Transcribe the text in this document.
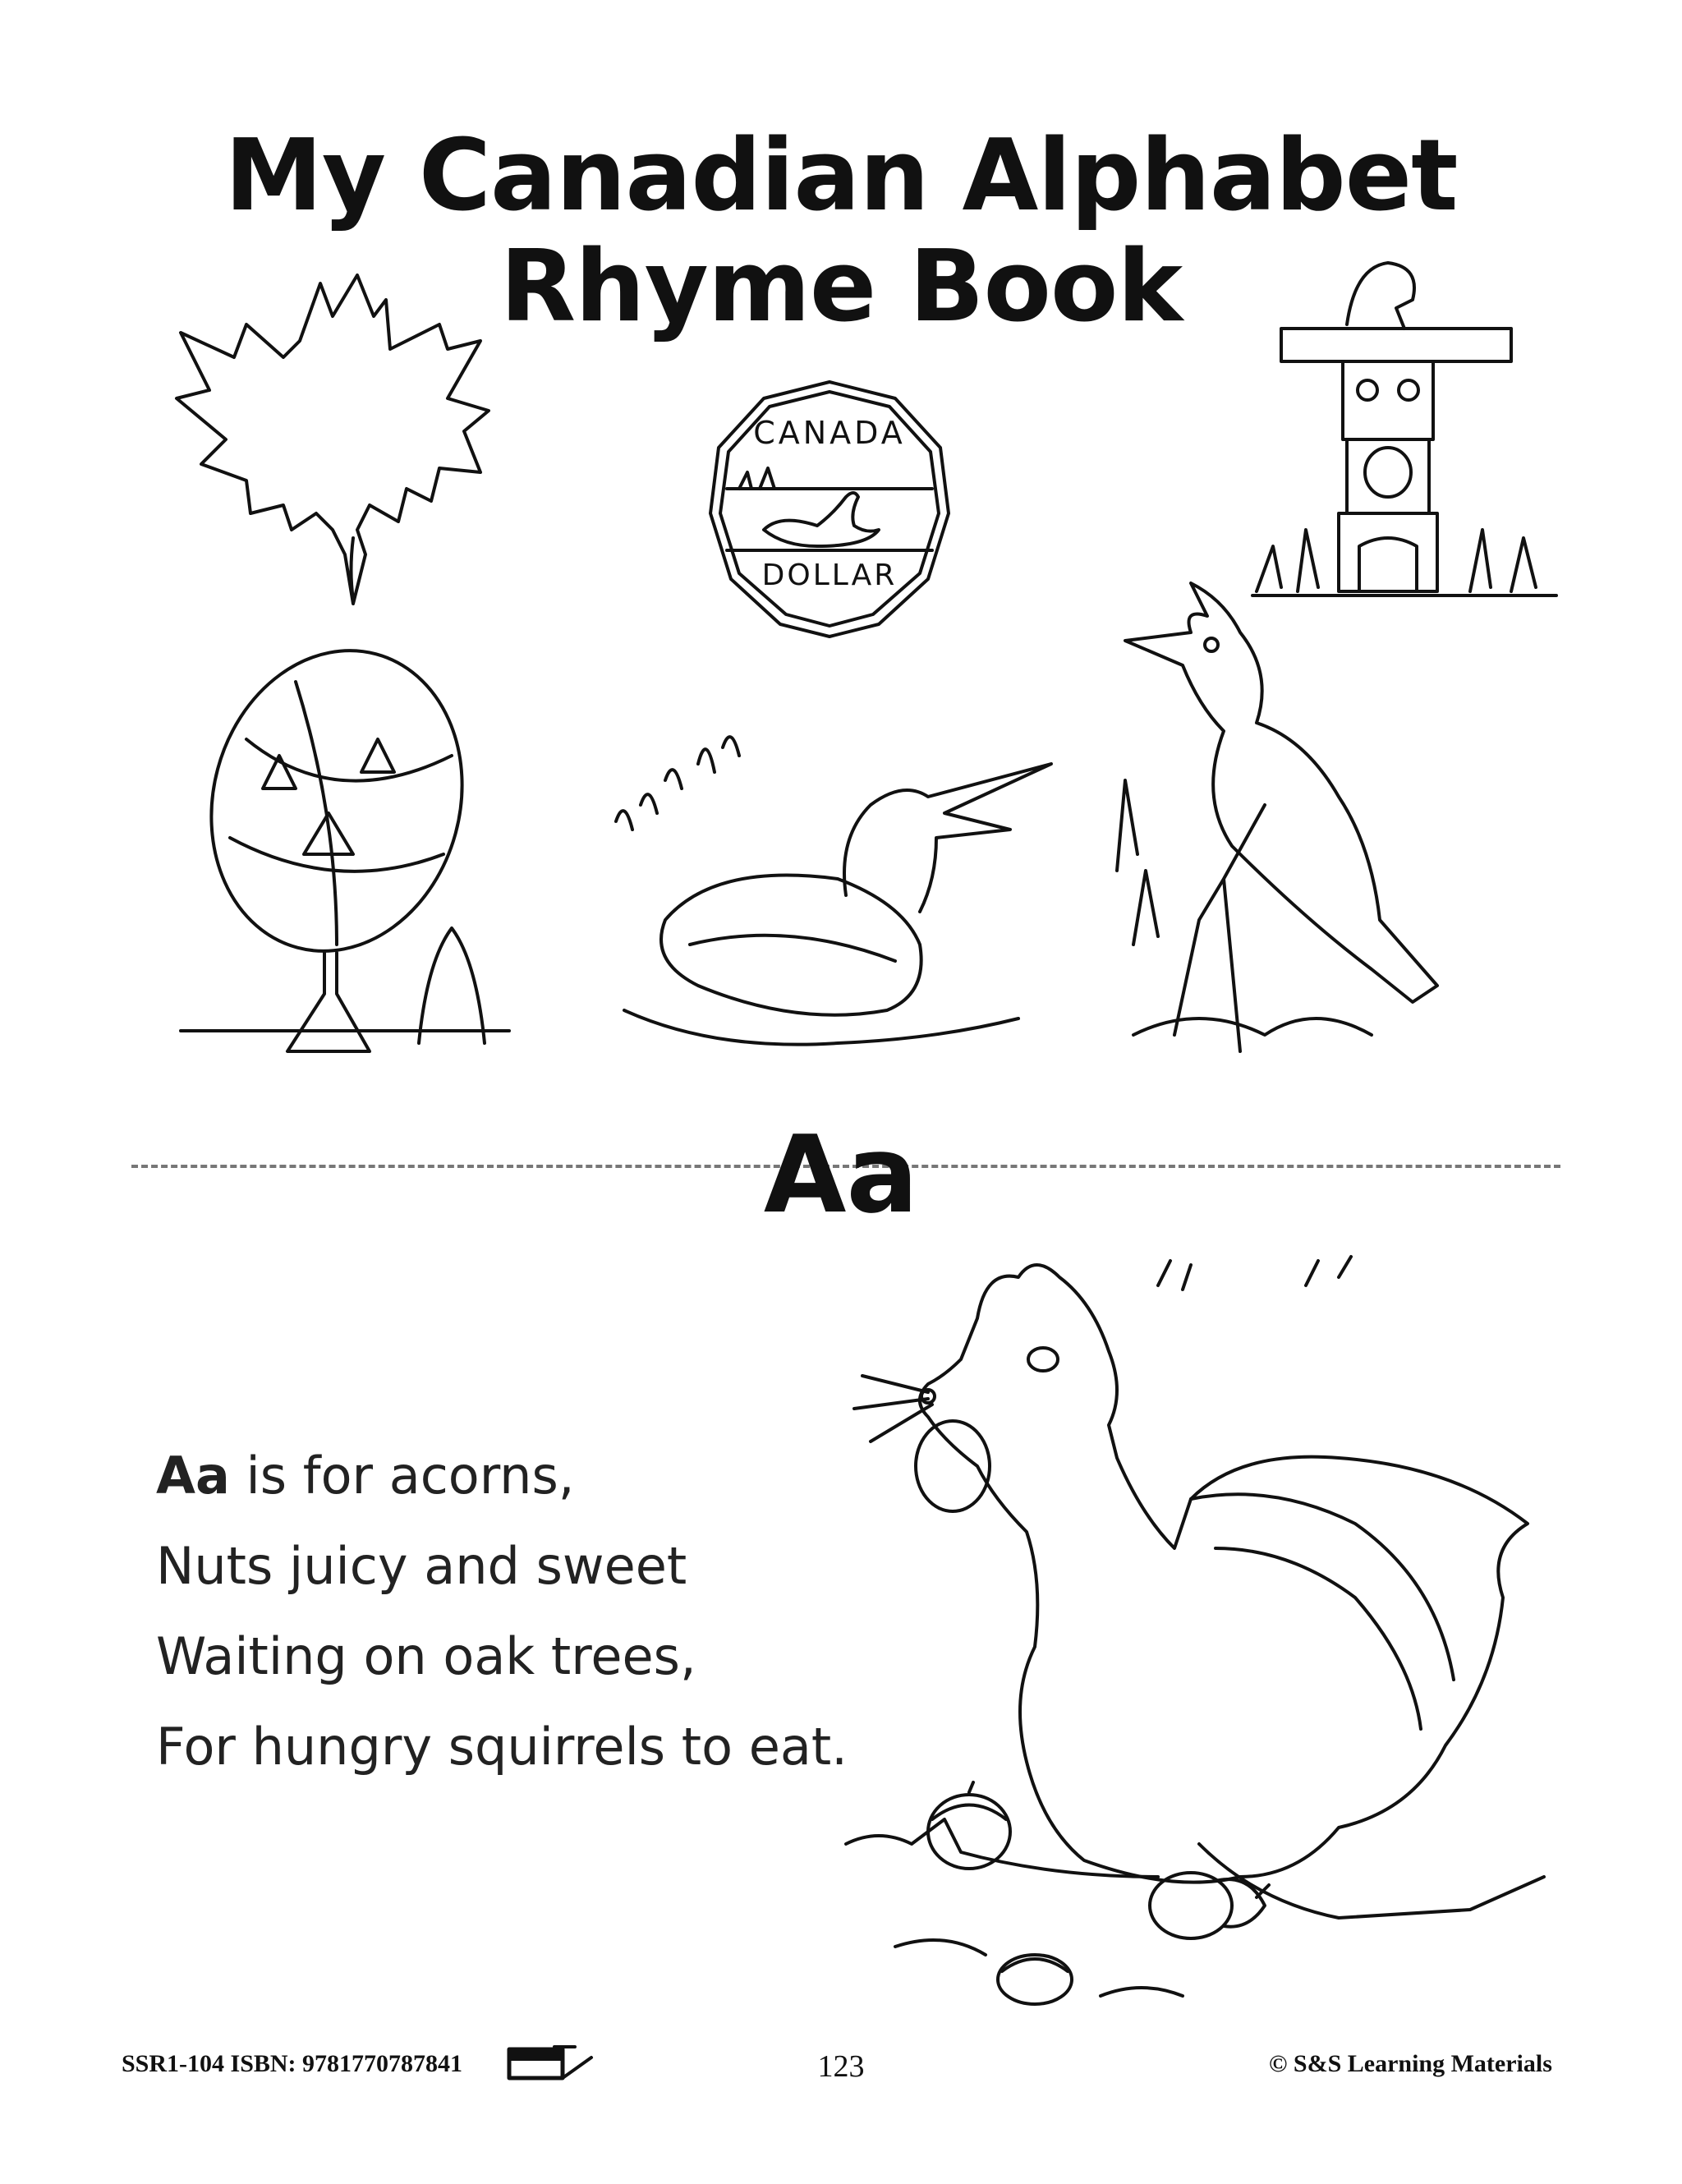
My Canadian Alphabet
Rhyme Book
CANADA
DOLLAR
Aa
Aa is for acorns,
Nuts juicy and sweet
Waiting on oak trees,
For hungry squirrels to eat.
SSR1-104 ISBN: 9781770787841	123	© S&S Learning Materials
